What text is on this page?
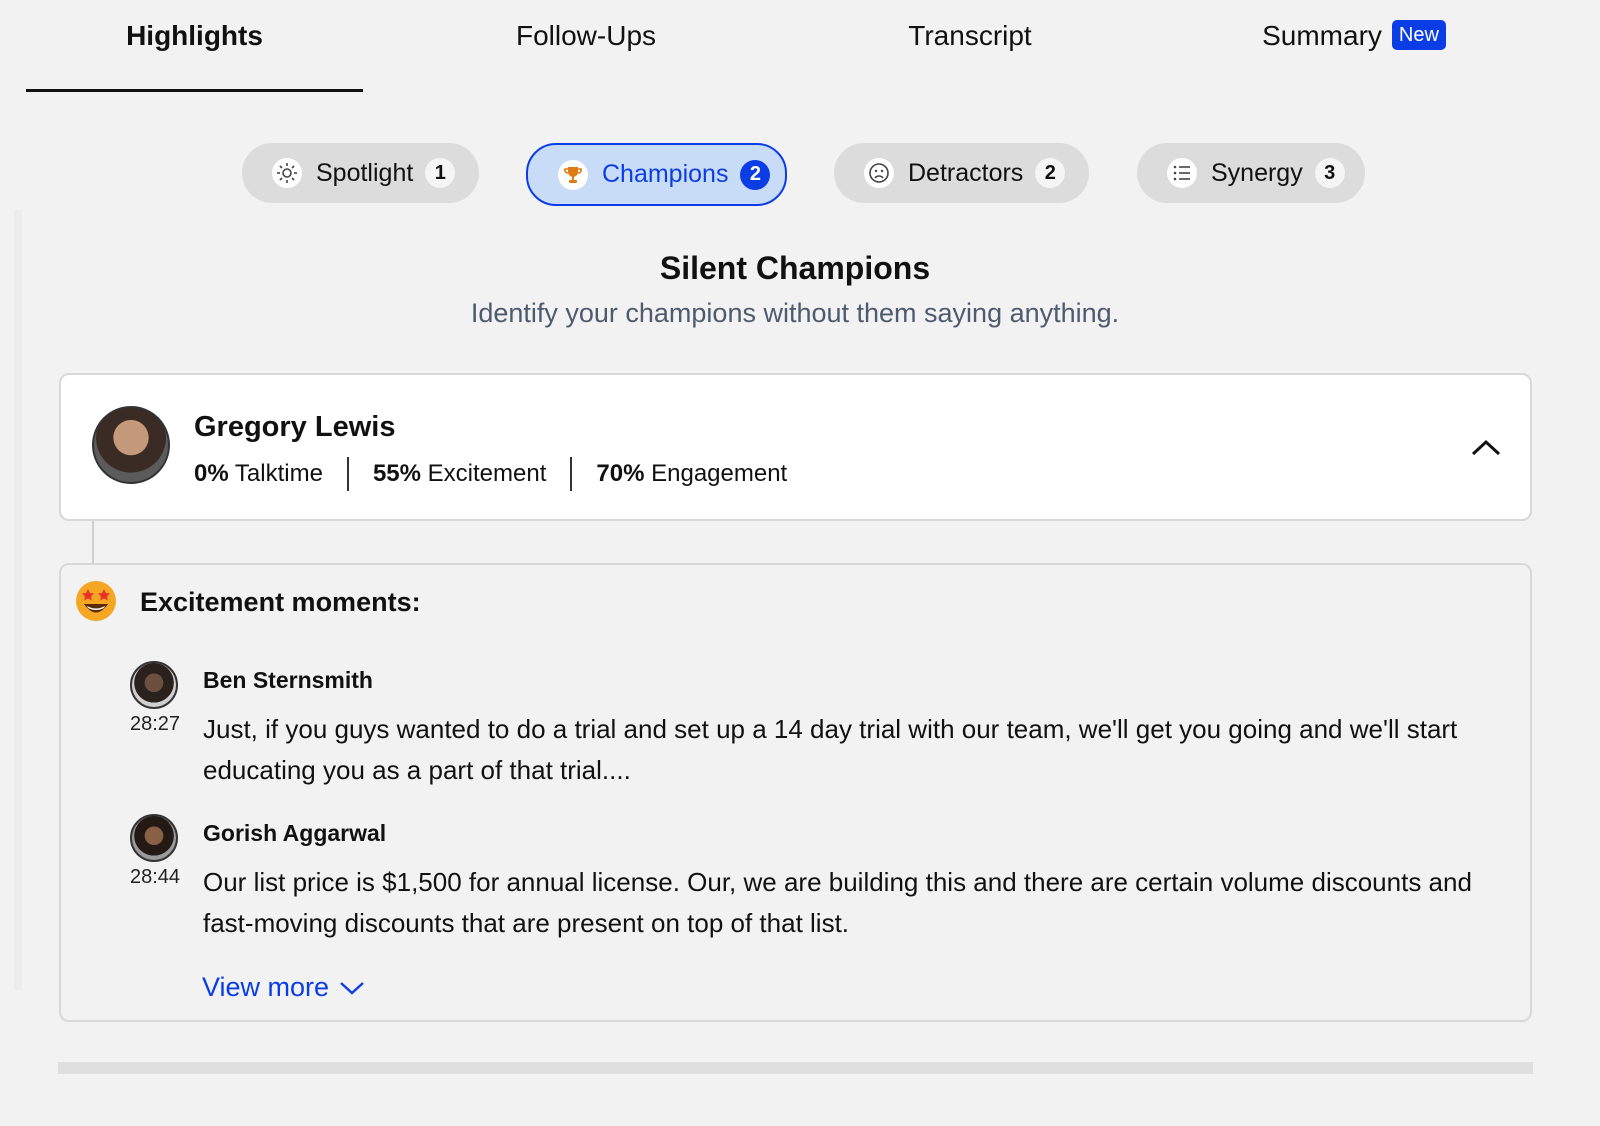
Highlights	Follow-Ups	Transcript	Summary New
Spotlight	1	Champions	2	Detractors	2	Synergy	3
Silent Champions
Identify your champions without them saying anything.
Gregory Lewis
0% Talktime 55% Excitement 70% Engagement
Excitement moments:
28:27
Ben Sternsmith
Just, if you guys wanted to do a trial and set up a 14 day trial with our team, we'll get you going and we'll start educating you as a part of that trial....
28:44
Gorish Aggarwal
Our list price is $1,500 for annual license. Our, we are building this and there are certain volume discounts and fast-moving discounts that are present on top of that list.
View more
